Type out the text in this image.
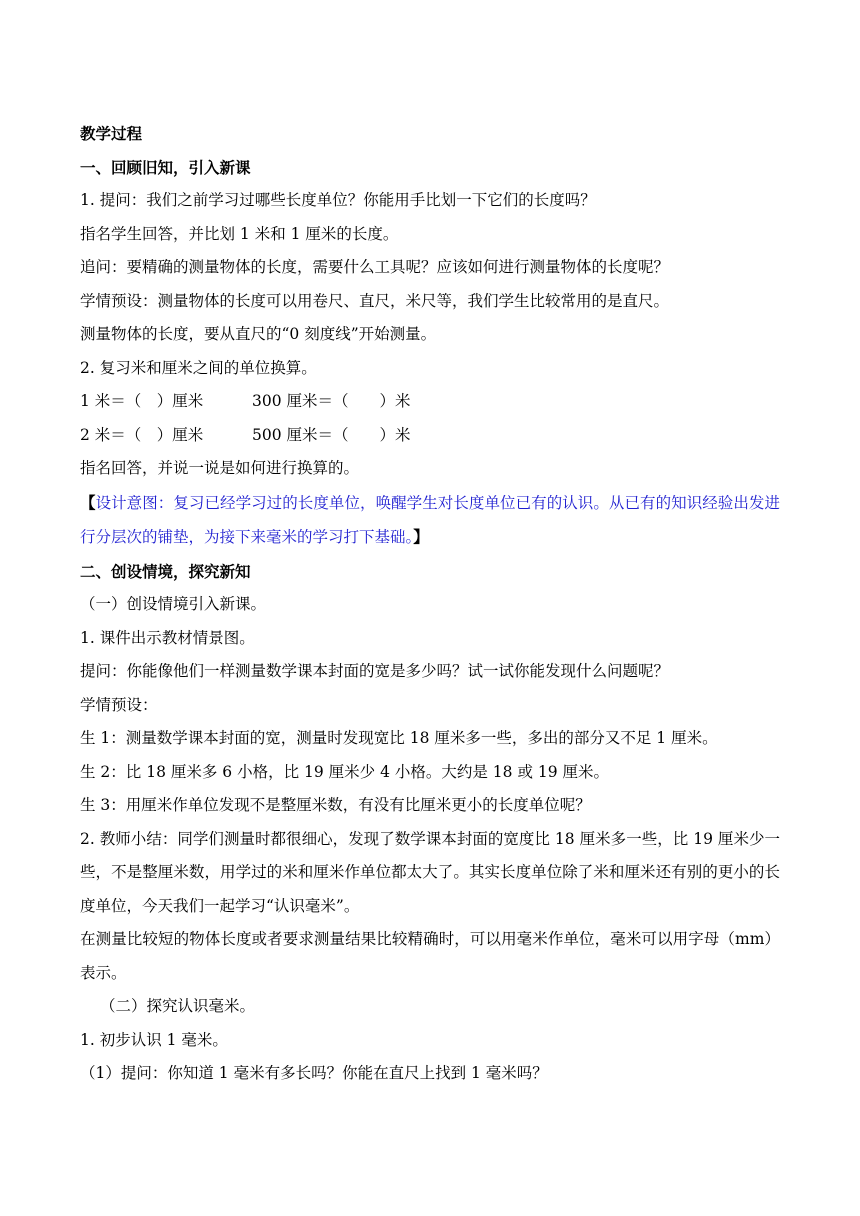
教学过程

一、回顾旧知，引入新课

1. 提问：我们之前学习过哪些长度单位？你能用手比划一下它们的长度吗？

指名学生回答，并比划 1 米和 1 厘米的长度。

追问：要精确的测量物体的长度，需要什么工具呢？应该如何进行测量物体的长度呢？

学情预设：测量物体的长度可以用卷尺、直尺，米尺等，我们学生比较常用的是直尺。

测量物体的长度，要从直尺的“0 刻度线”开始测量。

2. 复习米和厘米之间的单位换算。

1 米＝（　）厘米	300 厘米＝（　　）米

2 米＝（　）厘米	500 厘米＝（　　）米

指名回答，并说一说是如何进行换算的。

【设计意图：复习已经学习过的长度单位，唤醒学生对长度单位已有的认识。从已有的知识经验出发进行分层次的铺垫，为接下来毫米的学习打下基础。】

二、创设情境，探究新知

（一）创设情境引入新课。

1. 课件出示教材情景图。

提问：你能像他们一样测量数学课本封面的宽是多少吗？试一试你能发现什么问题呢？

学情预设：

生 1：测量数学课本封面的宽，测量时发现宽比 18 厘米多一些，多出的部分又不足 1 厘米。

生 2：比 18 厘米多 6 小格，比 19 厘米少 4 小格。大约是 18 或 19 厘米。

生 3：用厘米作单位发现不是整厘米数，有没有比厘米更小的长度单位呢？

2. 教师小结：同学们测量时都很细心，发现了数学课本封面的宽度比 18 厘米多一些，比 19 厘米少一些，不是整厘米数，用学过的米和厘米作单位都太大了。其实长度单位除了米和厘米还有别的更小的长度单位，今天我们一起学习“认识毫米”。

在测量比较短的物体长度或者要求测量结果比较精确时，可以用毫米作单位，毫米可以用字母（mm）表示。

（二）探究认识毫米。

1. 初步认识 1 毫米。

（1）提问：你知道 1 毫米有多长吗？你能在直尺上找到 1 毫米吗？
